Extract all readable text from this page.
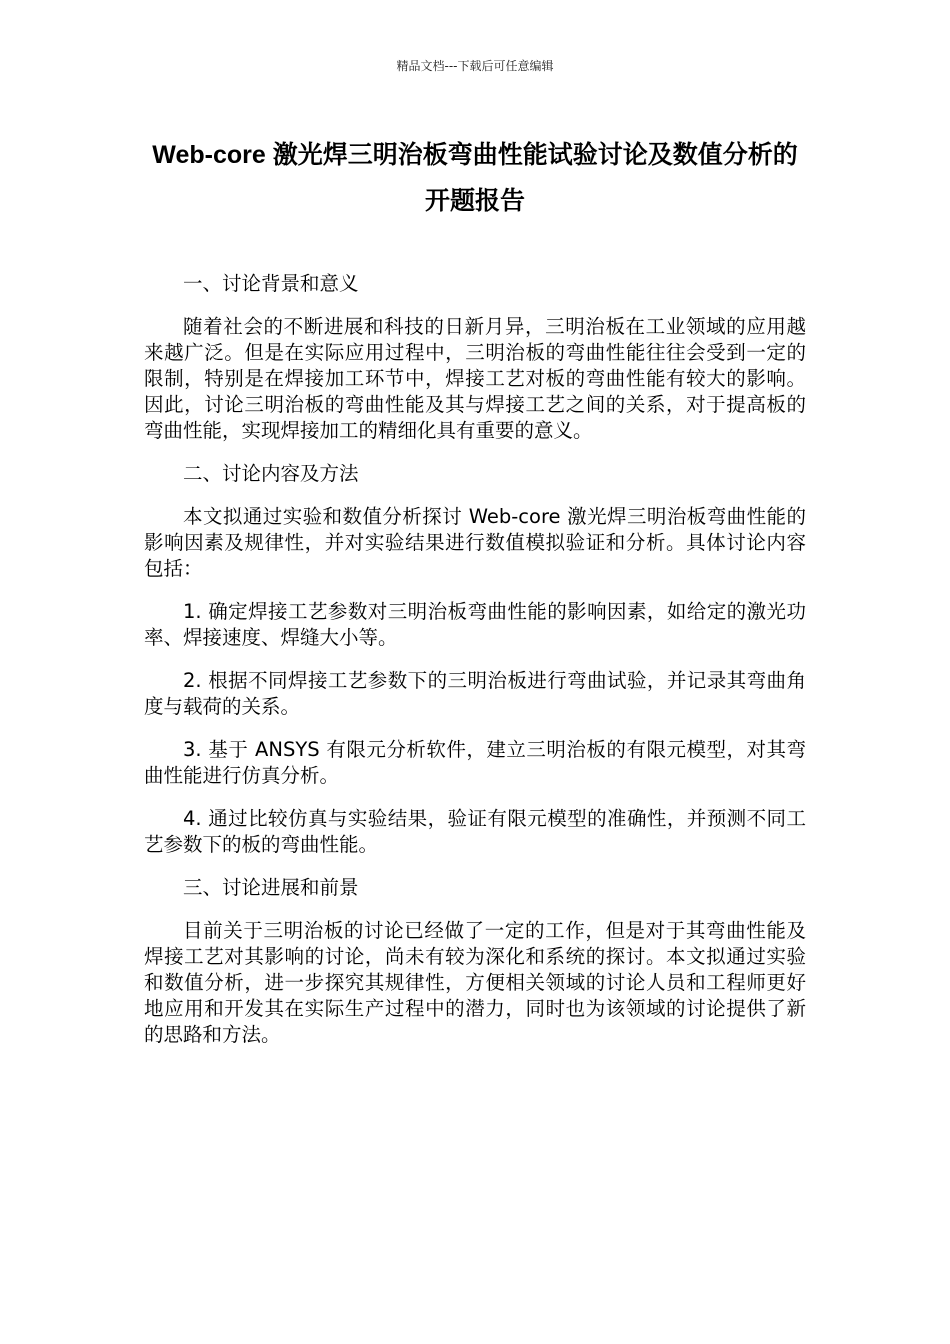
精品文档---下载后可任意编辑
Web-core 激光焊三明治板弯曲性能试验讨论及数值分析的开题报告

一、讨论背景和意义

随着社会的不断进展和科技的日新月异，三明治板在工业领域的应用越来越广泛。但是在实际应用过程中，三明治板的弯曲性能往往会受到一定的限制，特别是在焊接加工环节中，焊接工艺对板的弯曲性能有较大的影响。因此，讨论三明治板的弯曲性能及其与焊接工艺之间的关系，对于提高板的弯曲性能，实现焊接加工的精细化具有重要的意义。

二、讨论内容及方法

本文拟通过实验和数值分析探讨 Web-core 激光焊三明治板弯曲性能的影响因素及规律性，并对实验结果进行数值模拟验证和分析。具体讨论内容包括：

1. 确定焊接工艺参数对三明治板弯曲性能的影响因素，如给定的激光功率、焊接速度、焊缝大小等。

2. 根据不同焊接工艺参数下的三明治板进行弯曲试验，并记录其弯曲角度与载荷的关系。

3. 基于 ANSYS 有限元分析软件，建立三明治板的有限元模型，对其弯曲性能进行仿真分析。

4. 通过比较仿真与实验结果，验证有限元模型的准确性，并预测不同工艺参数下的板的弯曲性能。

三、讨论进展和前景

目前关于三明治板的讨论已经做了一定的工作，但是对于其弯曲性能及焊接工艺对其影响的讨论，尚未有较为深化和系统的探讨。本文拟通过实验和数值分析，进一步探究其规律性，方便相关领域的讨论人员和工程师更好地应用和开发其在实际生产过程中的潜力，同时也为该领域的讨论提供了新的思路和方法。
